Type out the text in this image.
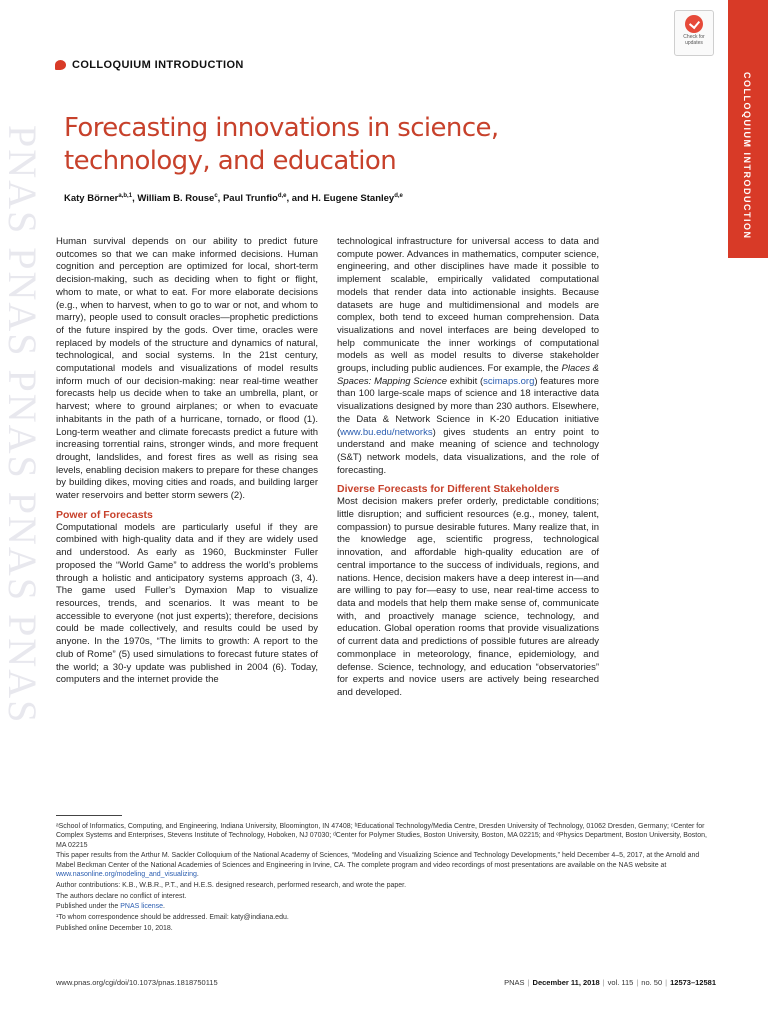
PNAS PNAS PNAS PNAS PNAS	COLLOQUIUM INTRODUCTION
Check for
updates
COLLOQUIUM INTRODUCTION
Forecasting innovations in science, technology, and education
Katy Börner$^{a,b,1}$, William B. Rouse$^c$, Paul Trunfio$^{d,e}$, and H. Eugene Stanley$^{d,e}$

Human survival depends on our ability to predict future outcomes so that we can make informed decisions. Human cognition and perception are optimized for local, short-term decision-making, such as deciding when to fight or flight, whom to mate, or what to eat. For more elaborate decisions (e.g., when to harvest, when to go to war or not, and whom to marry), people used to consult oracles—prophetic predictions of the future inspired by the gods. Over time, oracles were replaced by models of the structure and dynamics of natural, technological, and social systems. In the 21st century, computational models and visualizations of model results inform much of our decision-making: near real-time weather forecasts help us decide when to take an umbrella, plant, or harvest; where to ground airplanes; or when to evacuate inhabitants in the path of a hurricane, tornado, or flood (1). Long-term weather and climate forecasts predict a future with increasing torrential rains, stronger winds, and more frequent drought, landslides, and forest fires as well as rising sea levels, enabling decision makers to prepare for these changes by building dikes, moving cities and roads, and building larger water reservoirs and better storm sewers (2).

Power of Forecasts

Computational models are particularly useful if they are combined with high-quality data and if they are widely used and understood. As early as 1960, Buckminster Fuller proposed the “World Game” to address the world’s problems through a holistic and anticipatory systems approach (3, 4). The game used Fuller’s Dymaxion Map to visualize resources, trends, and scenarios. It was meant to be accessible to everyone (not just experts); therefore, decisions could be made collectively, and results could be used by anyone. In the 1970s, “The limits to growth: A report to the club of Rome” (5) used simulations to forecast future states of the world; a 30-y update was published in 2004 (6). Today, computers and the internet provide the

technological infrastructure for universal access to data and compute power. Advances in mathematics, computer science, engineering, and other disciplines have made it possible to implement scalable, empirically validated computational models that render data into actionable insights. Because datasets are huge and multidimensional and models are complex, both tend to exceed human comprehension. Data visualizations and novel interfaces are being developed to help communicate the inner workings of computational models as well as model results to diverse stakeholder groups, including public audiences. For example, the Places & Spaces: Mapping Science exhibit (scimaps.org) features more than 100 large-scale maps of science and 18 interactive data visualizations designed by more than 230 authors. Elsewhere, the Data & Network Science in K-20 Education initiative (www.bu.edu/networks) gives students an entry point to understand and make meaning of science and technology (S&T) network models, data visualizations, and the role of forecasting.

Diverse Forecasts for Different Stakeholders

Most decision makers prefer orderly, predictable conditions; little disruption; and sufficient resources (e.g., money, talent, compassion) to pursue desirable futures. Many realize that, in the knowledge age, scientific progress, technological innovation, and affordable high-quality education are of central importance to the success of individuals, regions, and nations. Hence, decision makers have a deep interest in—and are willing to pay for—easy to use, near real-time access to data and models that help them make sense of, communicate with, and proactively manage science, technology, and education. Global operation rooms that provide visualizations of current data and predictions of possible futures are already commonplace in meteorology, finance, epidemiology, and defense. Science, technology, and education “observatories” for experts and novice users are actively being researched and developed.

ᵃSchool of Informatics, Computing, and Engineering, Indiana University, Bloomington, IN 47408; ᵇEducational Technology/Media Centre, Dresden University of Technology, 01062 Dresden, Germany; ᶜCenter for Complex Systems and Enterprises, Stevens Institute of Technology, Hoboken, NJ 07030; ᵈCenter for Polymer Studies, Boston University, Boston, MA 02215; and ᵉPhysics Department, Boston University, Boston, MA 02215

This paper results from the Arthur M. Sackler Colloquium of the National Academy of Sciences, “Modeling and Visualizing Science and Technology Developments,” held December 4–5, 2017, at the Arnold and Mabel Beckman Center of the National Academies of Sciences and Engineering in Irvine, CA. The complete program and video recordings of most presentations are available on the NAS website at www.nasonline.org/modeling_and_visualizing.

Author contributions: K.B., W.B.R., P.T., and H.E.S. designed research, performed research, and wrote the paper.

The authors declare no conflict of interest.

Published under the PNAS license.

¹To whom correspondence should be addressed. Email: katy@indiana.edu.

Published online December 10, 2018.

www.pnas.org/cgi/doi/10.1073/pnas.1818750115	PNAS | December 11, 2018 | vol. 115 | no. 50 | 12573–12581
